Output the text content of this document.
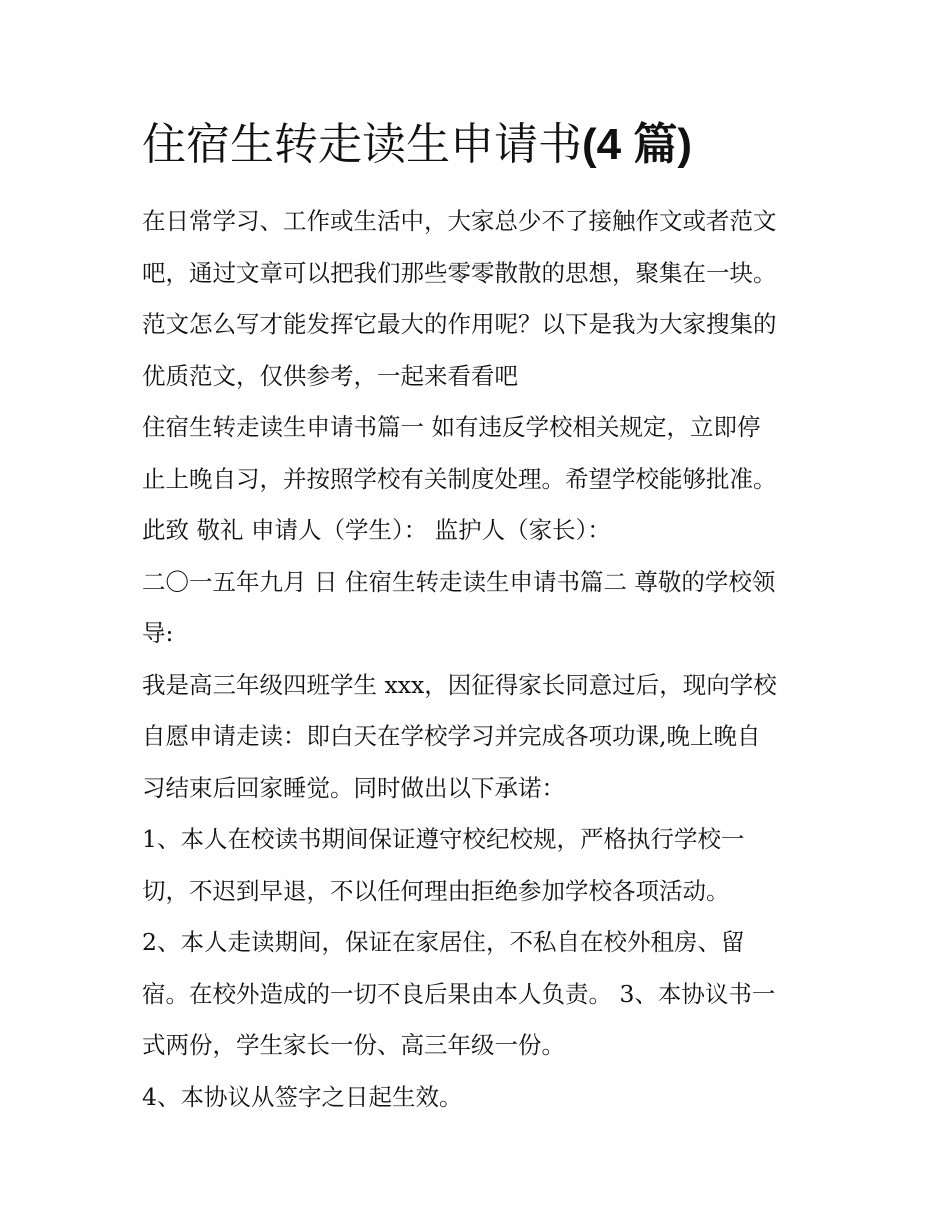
住宿生转走读生申请书(4 篇)
在日常学习、工作或生活中，大家总少不了接触作文或者范文
吧，通过文章可以把我们那些零零散散的思想，聚集在一块。
范文怎么写才能发挥它最大的作用呢？以下是我为大家搜集的
优质范文，仅供参考，一起来看看吧
住宿生转走读生申请书篇一 如有违反学校相关规定，立即停
止上晚自习，并按照学校有关制度处理。希望学校能够批准。
此致 敬礼 申请人（学生）： 监护人（家长）：
二〇一五年九月 日 住宿生转走读生申请书篇二 尊敬的学校领
导:
我是高三年级四班学生 xxx，因征得家长同意过后，现向学校
自愿申请走读：即白天在学校学习并完成各项功课,晚上晚自
习结束后回家睡觉。同时做出以下承诺：
1、本人在校读书期间保证遵守校纪校规，严格执行学校一
切，不迟到早退，不以任何理由拒绝参加学校各项活动。
2、本人走读期间，保证在家居住，不私自在校外租房、留
宿。在校外造成的一切不良后果由本人负责。 3、本协议书一
式两份，学生家长一份、高三年级一份。
4、本协议从签字之日起生效。
